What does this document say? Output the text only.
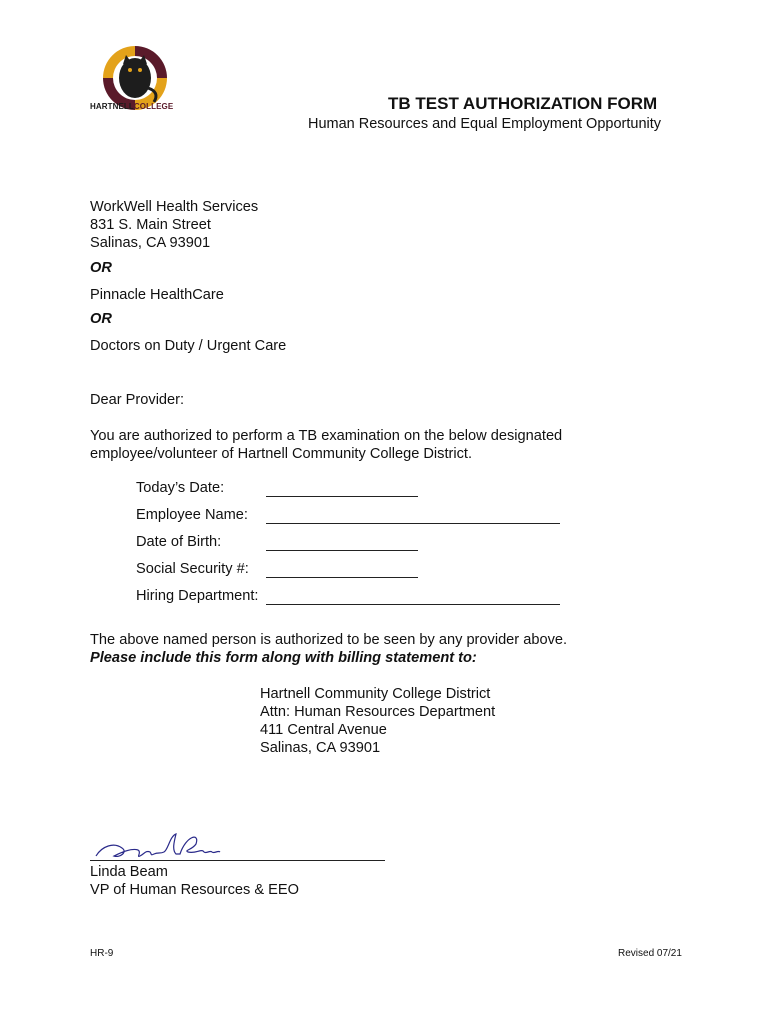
HARTNELLCOLLEGE	TB TEST AUTHORIZATION FORM
Human Resources and Equal Employment Opportunity
WorkWell Health Services
831 S. Main Street
Salinas, CA 93901
OR
Pinnacle HealthCare
OR
Doctors on Duty / Urgent Care
Dear Provider:
You are authorized to perform a TB examination on the below designated
employee/volunteer of Hartnell Community College District.
Today’s Date:
Employee Name:
Date of Birth:
Social Security #:
Hiring Department:
The above named person is authorized to be seen by any provider above.
Please include this form along with billing statement to:
Hartnell Community College District
Attn: Human Resources Department
411 Central Avenue
Salinas, CA 93901
Linda Beam
VP of Human Resources & EEO
HR-9	Revised 07/21
